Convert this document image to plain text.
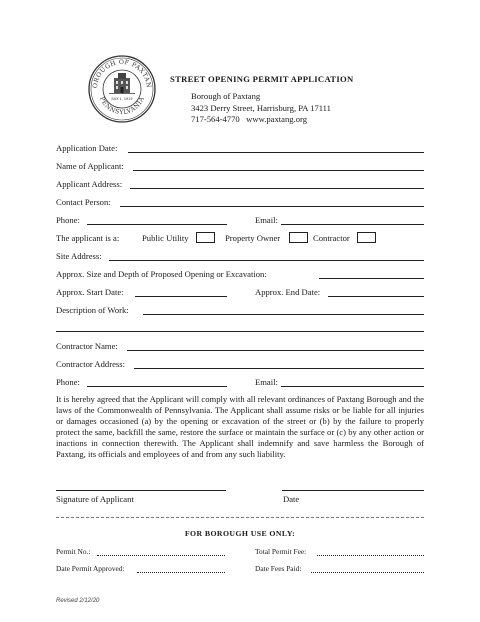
OROUGH OF PAXTAN
PENNSYLVANIA
JULY 1, 1919
STREET OPENING PERMIT APPLICATION
Borough of Paxtang
3423 Derry Street, Harrisburg, PA 17111
717-564-4770 www.paxtang.org
Application Date:
Name of Applicant:
Applicant Address:
Contact Person:
Phone:	Email:
The applicant is a:	Public Utility	Property Owner	Contractor
Site Address:
Approx. Size and Depth of Proposed Opening or Excavation:
Approx. Start Date:	Approx. End Date:
Description of Work:
Contractor Name:
Contractor Address:
Phone:	Email:
It is hereby agreed that the Applicant will comply with all relevant ordinances of Paxtang Borough and the laws of the Commonwealth of Pennsylvania. The Applicant shall assume risks or be liable for all injuries or damages occasioned (a) by the opening or excavation of the street or (b) by the failure to properly protect the same, backfill the same, restore the surface or maintain the surface or (c) by any other action or inactions in connection therewith. The Applicant shall indemnify and save harmless the Borough of Paxtang, its officials and employees of and from any such liability.
Signature of Applicant	Date
FOR BOROUGH USE ONLY:
Permit No.:	Total Permit Fee:
Date Permit Approved:	Date Fees Paid:
Revised 2/12/20
